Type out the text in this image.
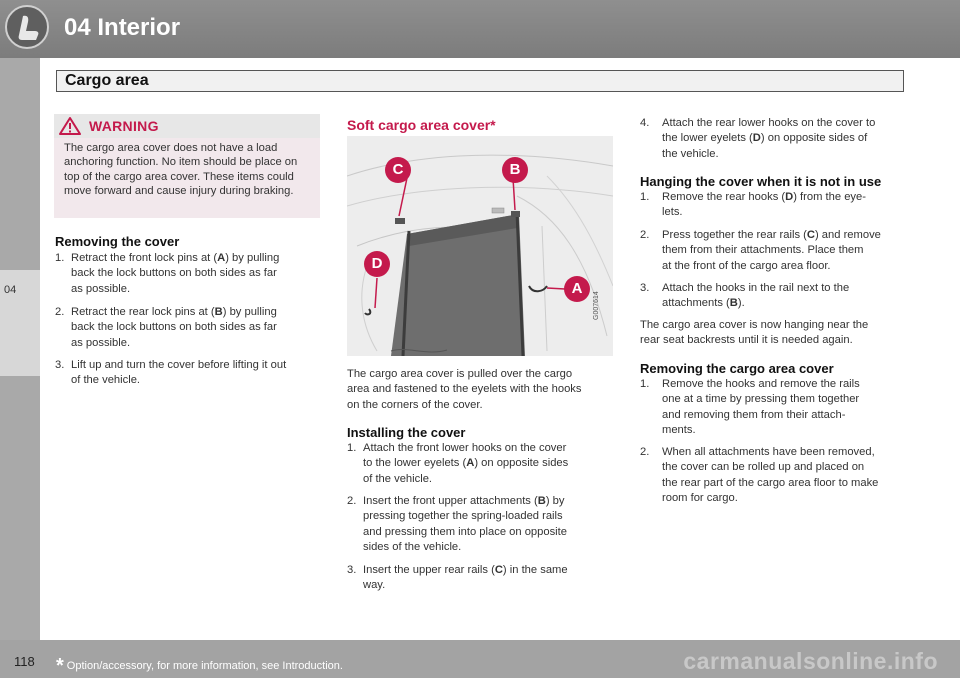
04 Interior
Cargo area
04
WARNING
The cargo area cover does not have a load anchoring function. No item should be place on top of the cargo area cover. These items could move forward and cause injury during braking.
Removing the cover
1. Retract the front lock pins at (A) by pulling
back the lock buttons on both sides as far
as possible.
2. Retract the rear lock pins at (B) by pulling
back the lock buttons on both sides as far
as possible.
3. Lift up and turn the cover before lifting it out
of the vehicle.
Soft cargo area cover*
C	B
D
A
G007614
The cargo area cover is pulled over the cargo
area and fastened to the eyelets with the hooks
on the corners of the cover.
Installing the cover
1. Attach the front lower hooks on the cover
to the lower eyelets (A) on opposite sides
of the vehicle.
2. Insert the front upper attachments (B) by
pressing together the spring-loaded rails
and pressing them into place on opposite
sides of the vehicle.
3. Insert the upper rear rails (C) in the same
way.
4. Attach the rear lower hooks on the cover to
the lower eyelets (D) on opposite sides of
the vehicle.
Hanging the cover when it is not in use
1. Remove the rear hooks (D) from the eye-
lets.
2. Press together the rear rails (C) and remove
them from their attachments. Place them
at the front of the cargo area floor.
3. Attach the hooks in the rail next to the
attachments (B).
The cargo area cover is now hanging near the
rear seat backrests until it is needed again.
Removing the cargo area cover
1. Remove the hooks and remove the rails
one at a time by pressing them together
and removing them from their attach-
ments.
2. When all attachments have been removed,
the cover can be rolled up and placed on
the rear part of the cargo area floor to make
room for cargo.
118 * Option/accessory, for more information, see Introduction.	carmanualsonline.info
